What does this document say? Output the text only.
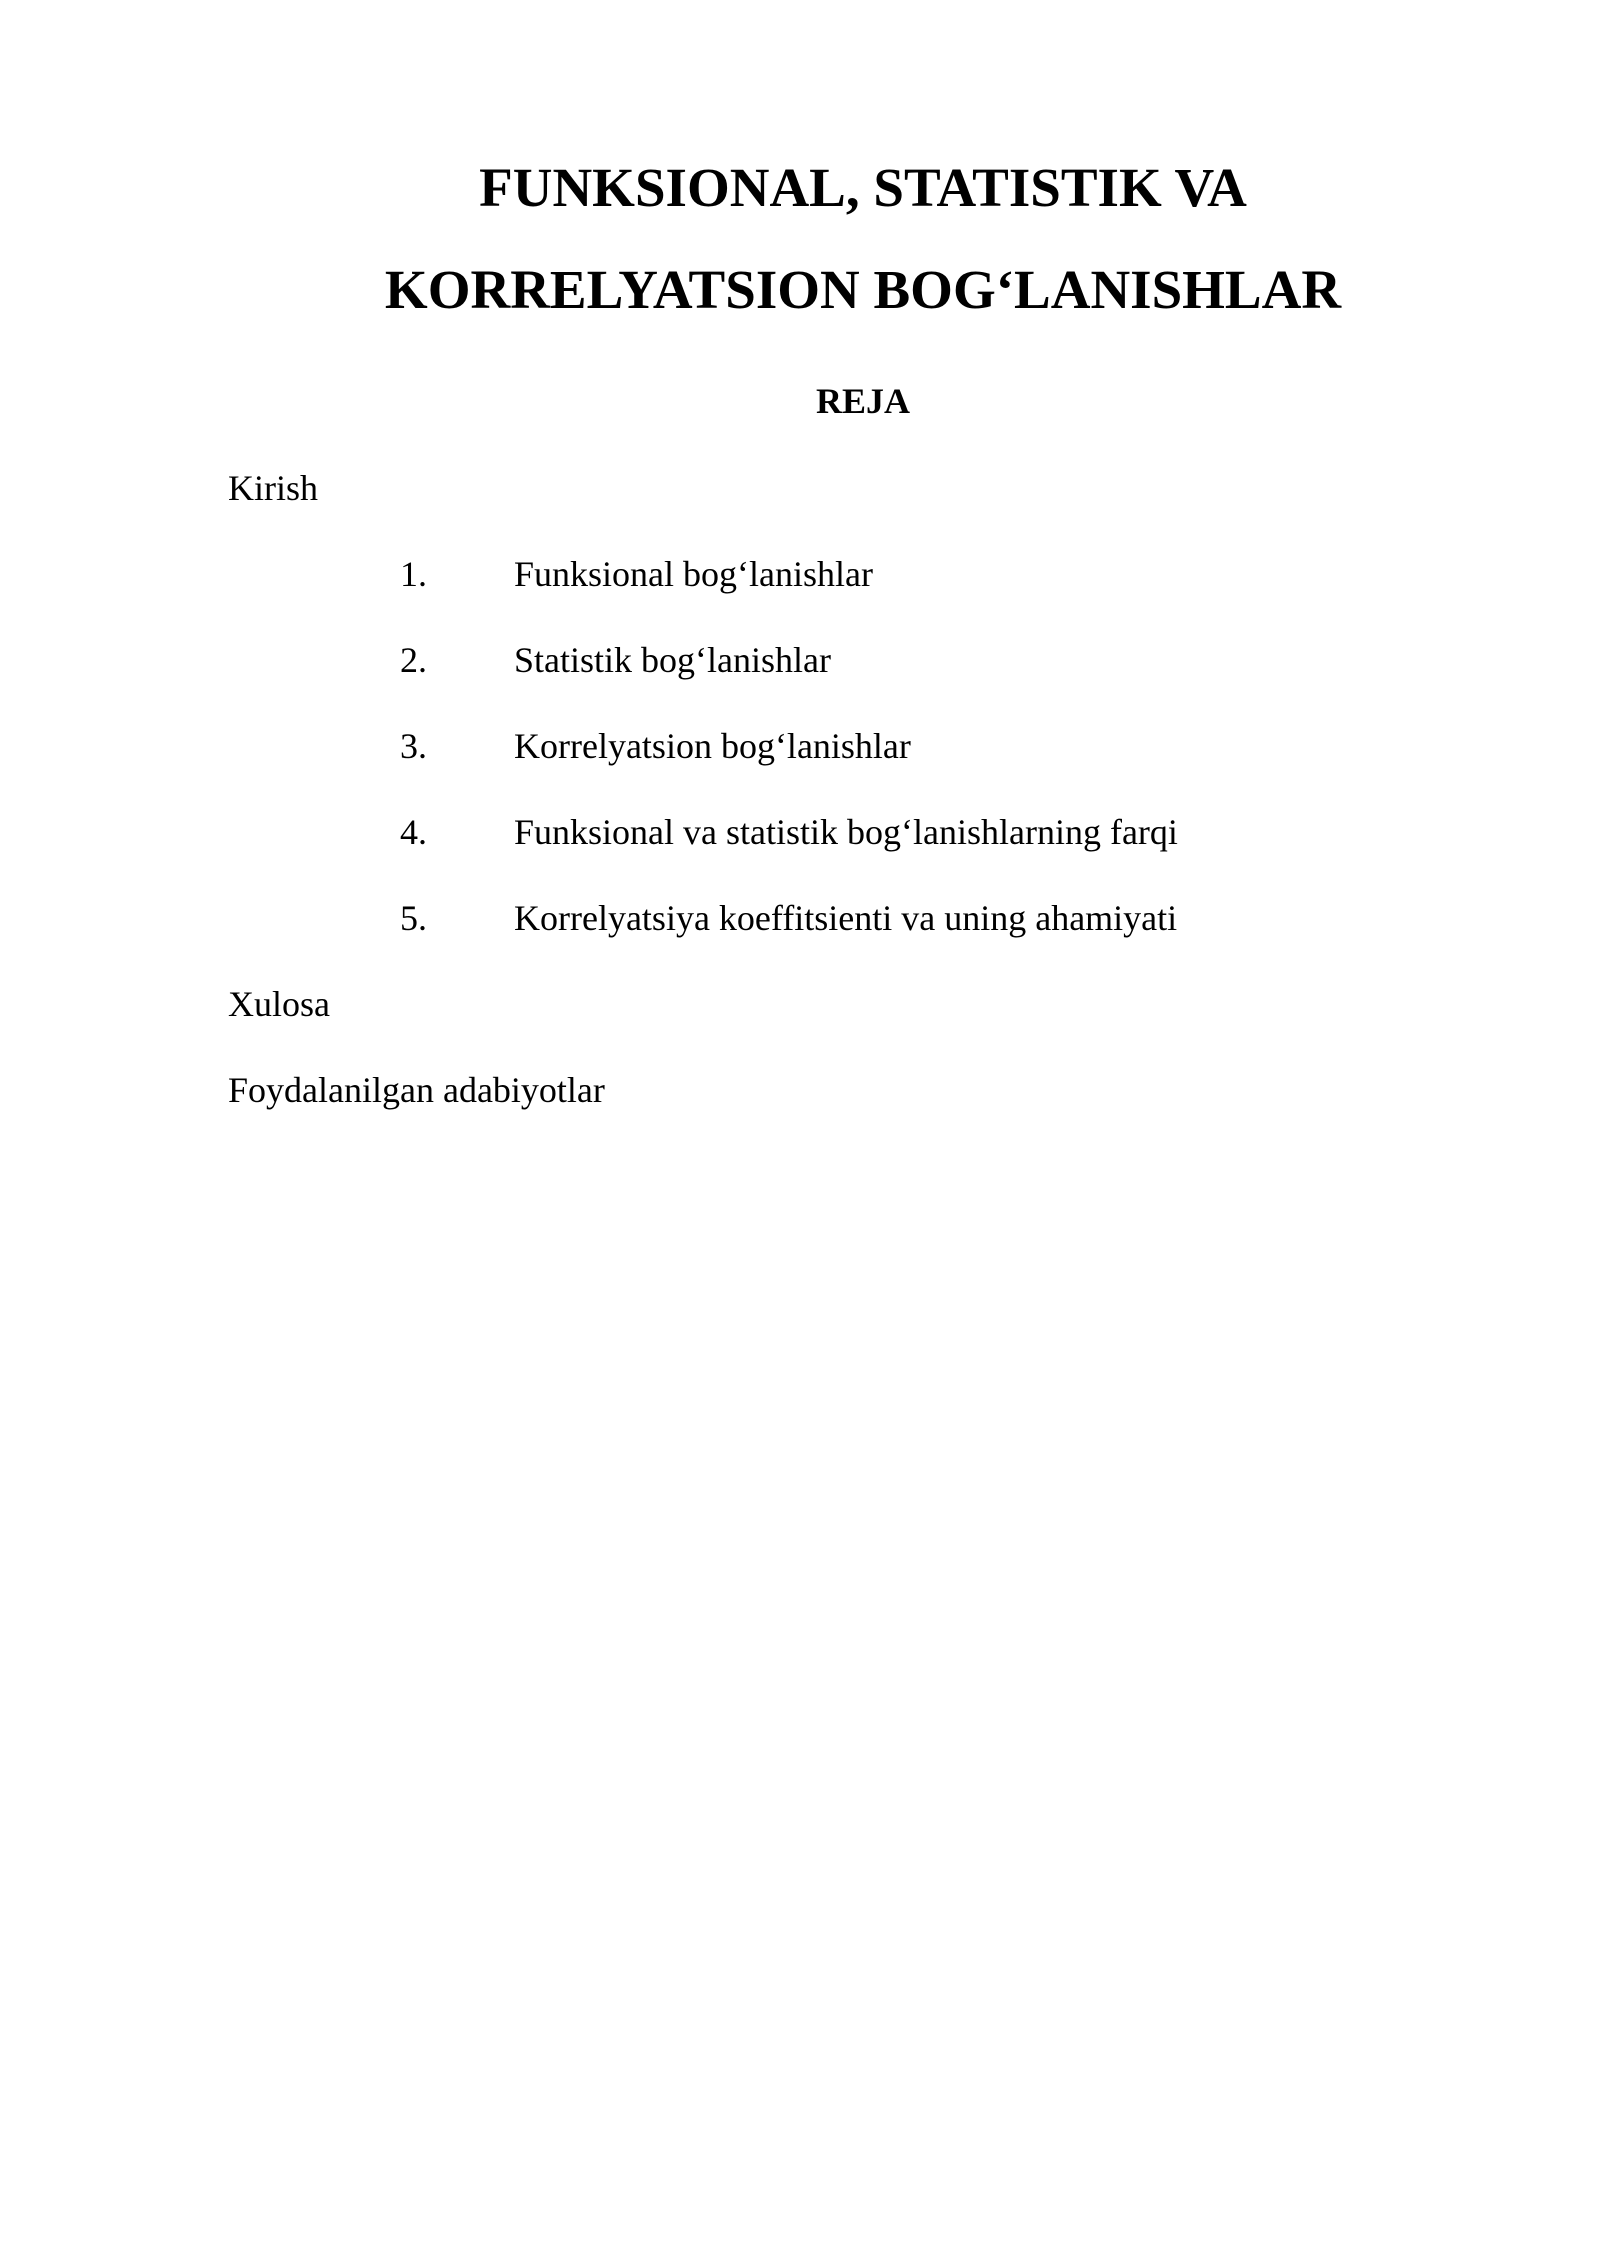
FUNKSIONAL, STATISTIK VA
KORRELYATSION BOG‘LANISHLAR
REJA

Kirish

1. Funksional bog‘lanishlar

2. Statistik bog‘lanishlar

3. Korrelyatsion bog‘lanishlar

4. Funksional va statistik bog‘lanishlarning farqi

5. Korrelyatsiya koeffitsienti va uning ahamiyati

Xulosa

Foydalanilgan adabiyotlar
